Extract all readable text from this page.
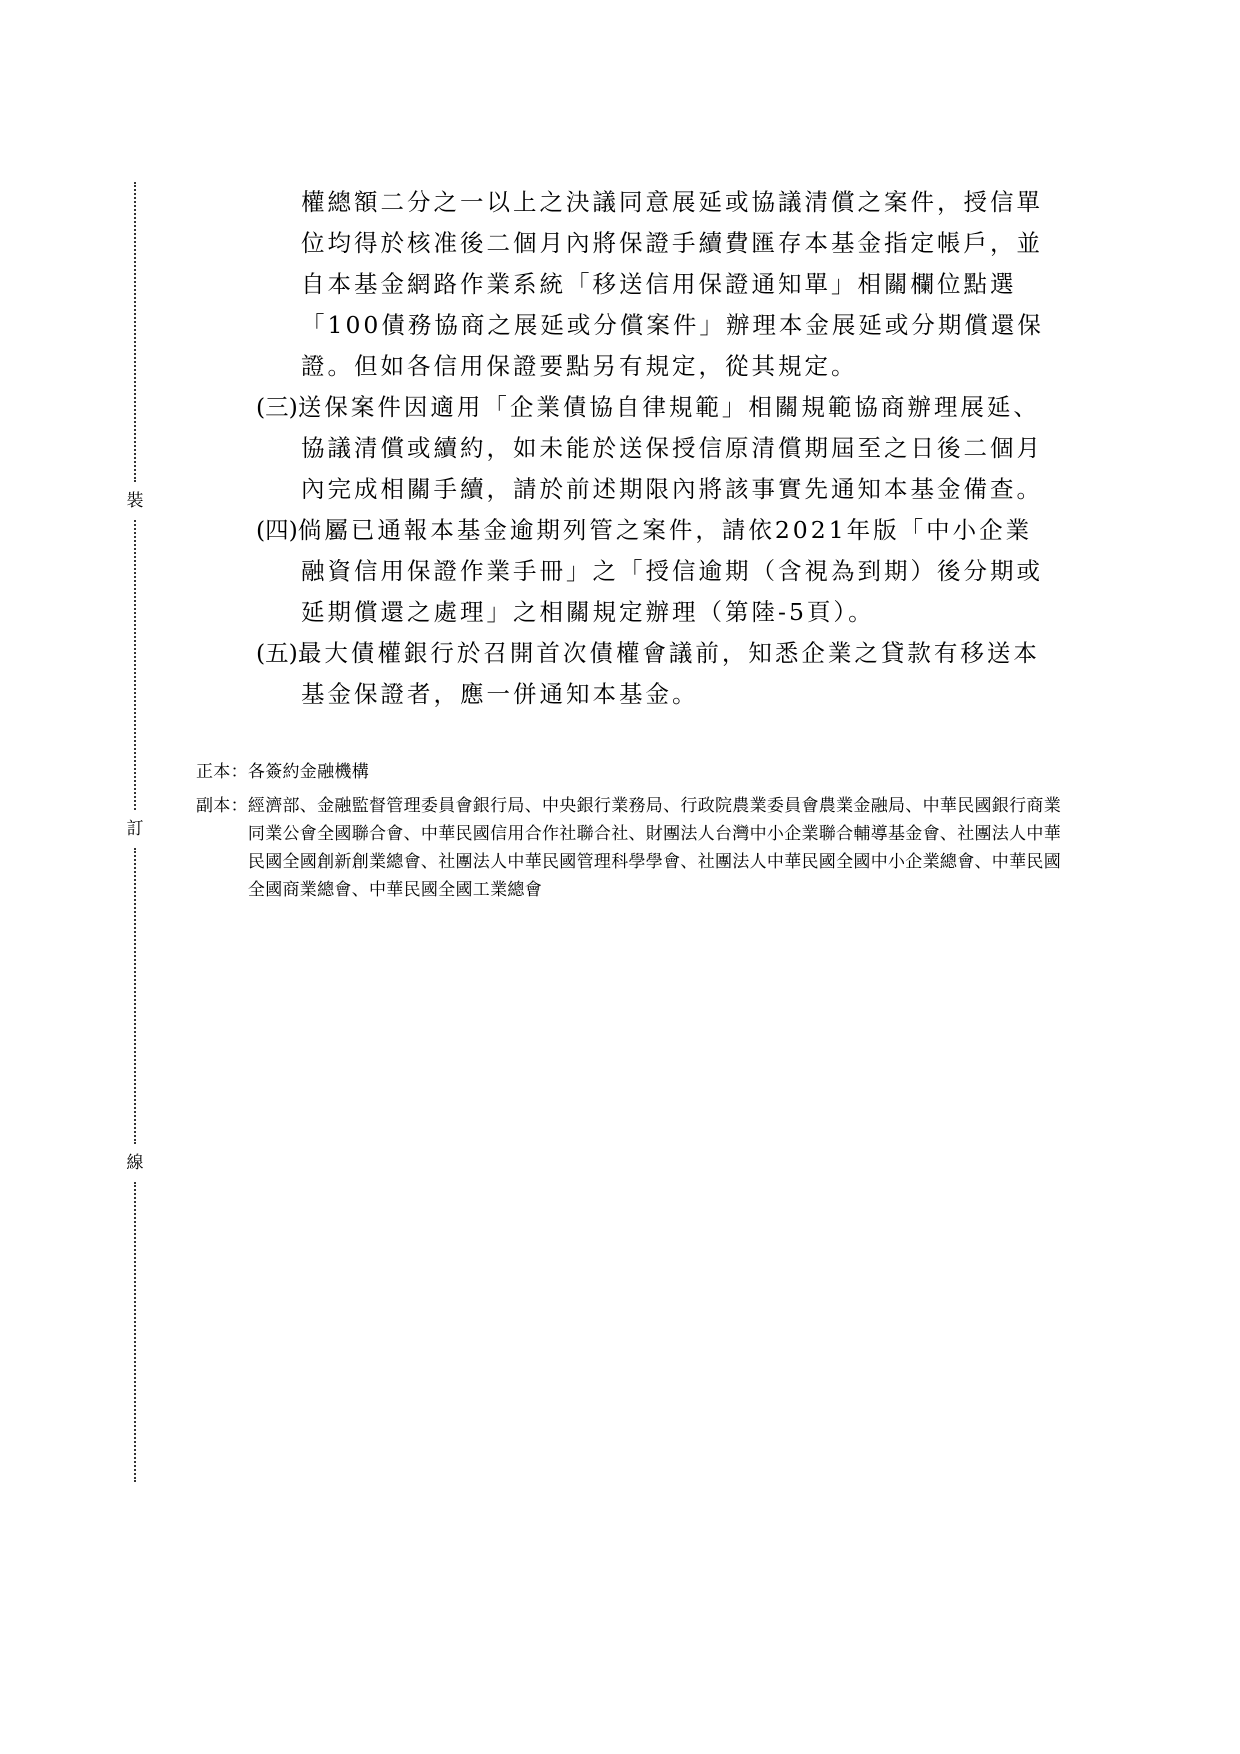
裝
訂
線

權總額二分之一以上之決議同意展延或協議清償之案件，授信單位均得於核准後二個月內將保證手續費匯存本基金指定帳戶，並自本基金網路作業系統「移送信用保證通知單」相關欄位點選「100債務協商之展延或分償案件」辦理本金展延或分期償還保證。但如各信用保證要點另有規定，從其規定。

(三)送保案件因適用「企業債協自律規範」相關規範協商辦理展延、協議清償或續約，如未能於送保授信原清償期屆至之日後二個月內完成相關手續，請於前述期限內將該事實先通知本基金備查。

(四)倘屬已通報本基金逾期列管之案件，請依2021年版「中小企業融資信用保證作業手冊」之「授信逾期（含視為到期）後分期或延期償還之處理」之相關規定辦理（第陸-5頁）。

(五)最大債權銀行於召開首次債權會議前，知悉企業之貸款有移送本基金保證者，應一併通知本基金。

正本： 各簽約金融機構
副本： 經濟部、金融監督管理委員會銀行局、中央銀行業務局、行政院農業委員會農業金融局、中華民國銀行商業同業公會全國聯合會、中華民國信用合作社聯合社、財團法人台灣中小企業聯合輔導基金會、社團法人中華民國全國創新創業總會、社團法人中華民國管理科學學會、社團法人中華民國全國中小企業總會、中華民國全國商業總會、中華民國全國工業總會
